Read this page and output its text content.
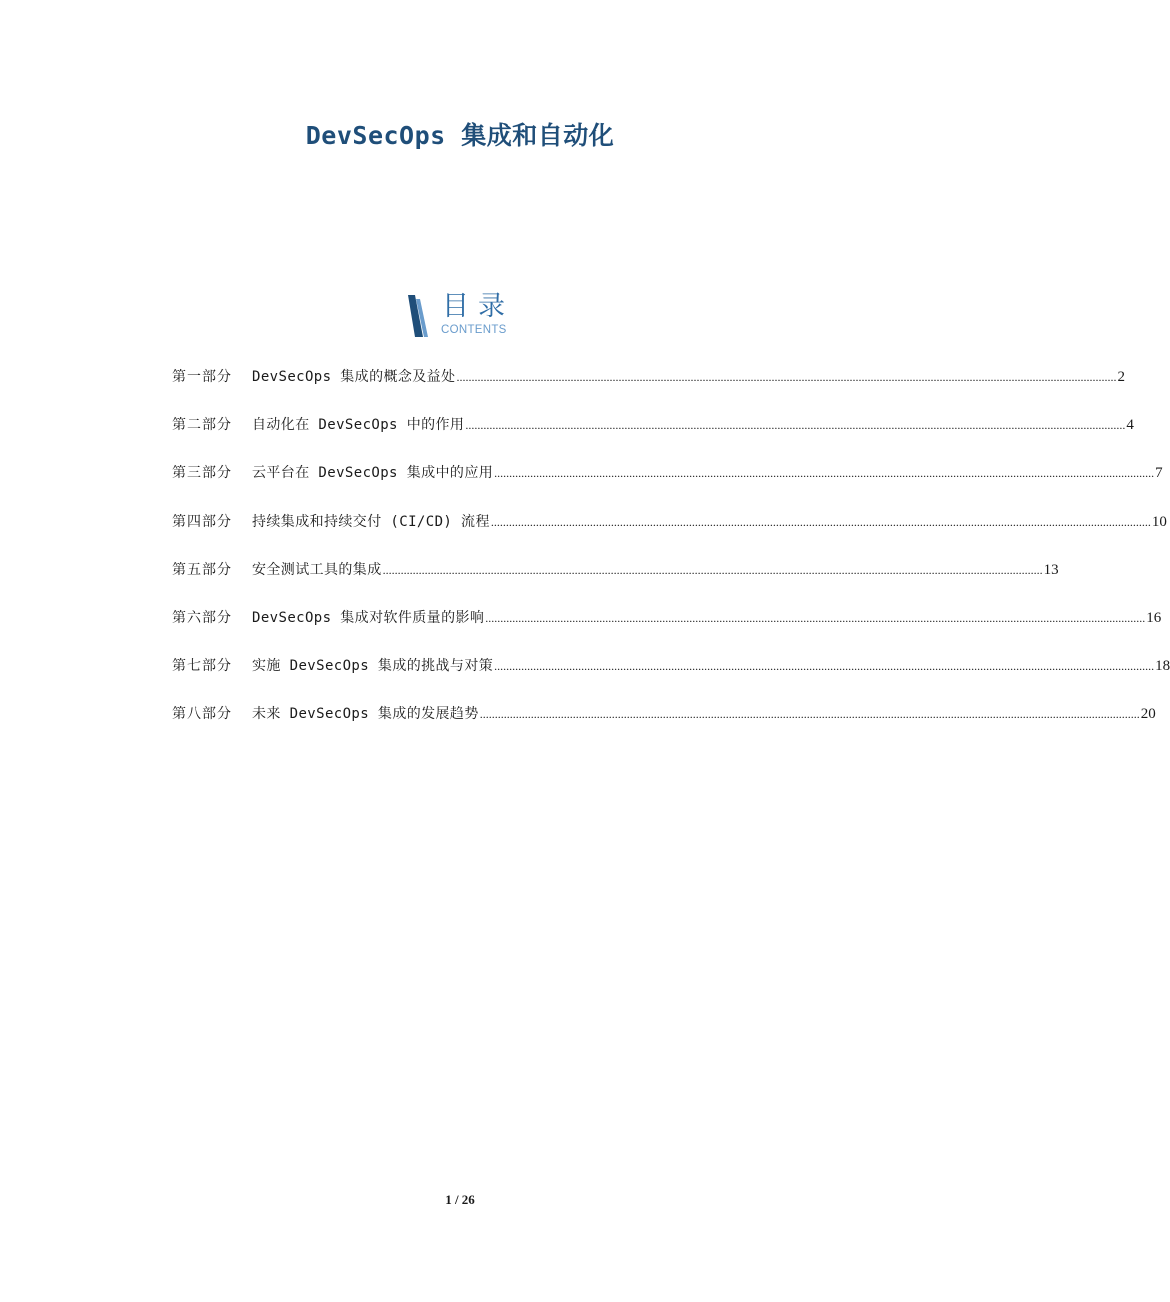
DevSecOps 集成和自动化
目录
CONTENTS
第一部分	DevSecOps 集成的概念及益处 ............................................................................................................................................................................................................................ 2
第二部分	自动化在 DevSecOps 中的作用 ............................................................................................................................................................................................................................ 4
第三部分	云平台在 DevSecOps 集成中的应用 ............................................................................................................................................................................................................................ 7
第四部分	持续集成和持续交付 (CI/CD) 流程 ............................................................................................................................................................................................................................ 10
第五部分	安全测试工具的集成 ............................................................................................................................................................................................................................ 13
第六部分	DevSecOps 集成对软件质量的影响 ............................................................................................................................................................................................................................ 16
第七部分	实施 DevSecOps 集成的挑战与对策 ............................................................................................................................................................................................................................ 18
第八部分	未来 DevSecOps 集成的发展趋势 ............................................................................................................................................................................................................................ 20
1 / 26
